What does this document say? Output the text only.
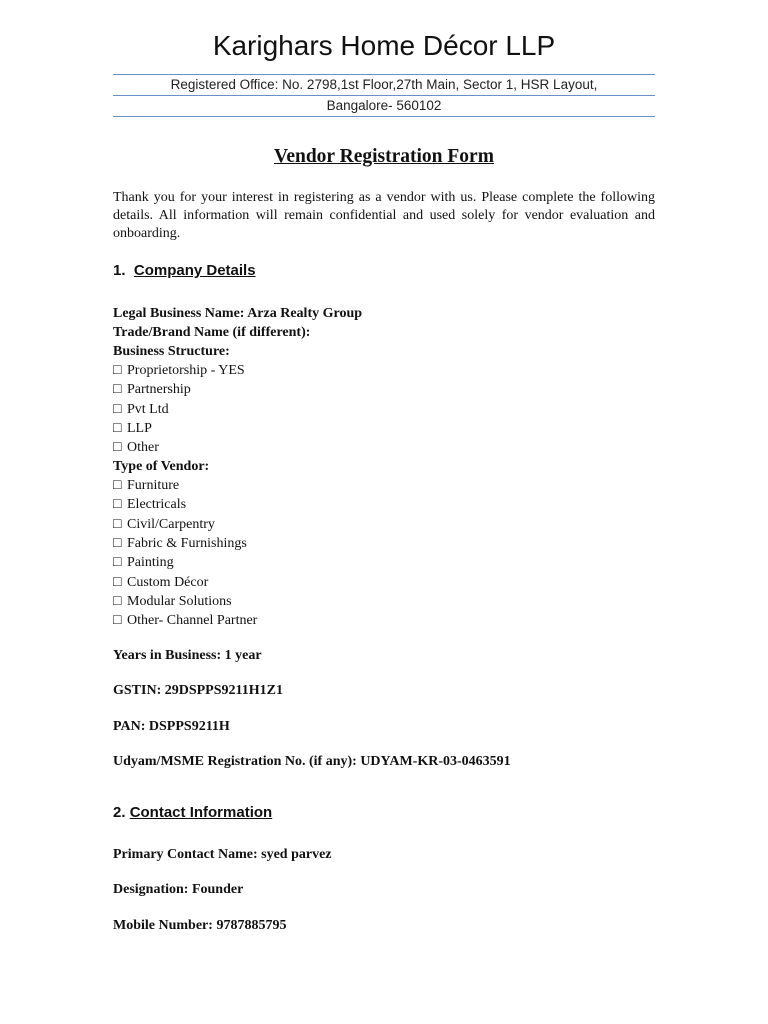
Karighars Home Décor LLP
Registered Office: No. 2798,1st Floor,27th Main, Sector 1, HSR Layout,
Bangalore- 560102
Vendor Registration Form

Thank you for your interest in registering as a vendor with us. Please complete the following details. All information will remain confidential and used solely for vendor evaluation and onboarding.

1. Company Details
Legal Business Name: Arza Realty Group
Trade/Brand Name (if different):
Business Structure:
□ Proprietorship - YES
□ Partnership
□ Pvt Ltd
□ LLP
□ Other
Type of Vendor:
□ Furniture
□ Electricals
□ Civil/Carpentry
□ Fabric & Furnishings
□ Painting
□ Custom Décor
□ Modular Solutions
□ Other- Channel Partner
Years in Business: 1 year
GSTIN: 29DSPPS9211H1Z1
PAN: DSPPS9211H
Udyam/MSME Registration No. (if any): UDYAM-KR-03-0463591
2. Contact Information
Primary Contact Name: syed parvez
Designation: Founder
Mobile Number: 9787885795
